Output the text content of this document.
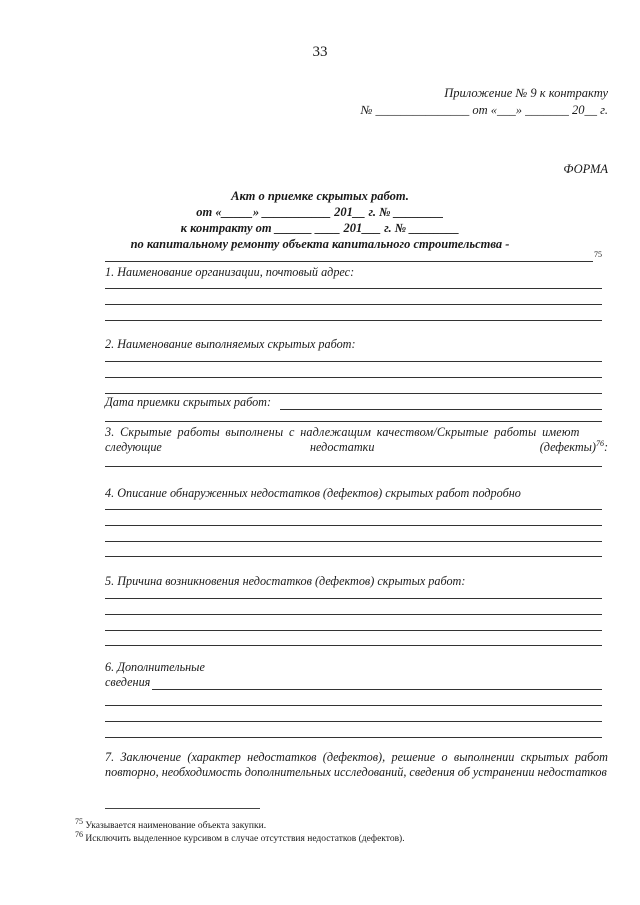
33
Приложение № 9 к контракту
№ _______________ от «___» _______ 20__ г.
ФОРМА
Акт о приемке скрытых работ.
от «_____» ___________ 201__ г. № ________
к контракту от ______ ____ 201___ г. № ________
по капитальному ремонту объекта капитального строительства -
75
1. Наименование организации, почтовый адрес:
2. Наименование выполняемых скрытых работ:
Дата приемки скрытых работ:
3. Скрытые работы выполнены с надлежащим качеством/Скрытые работы имеют
следующие	недостатки	(дефекты)$^{76}$:
4. Описание обнаруженных недостатков (дефектов) скрытых работ подробно
5. Причина возникновения недостатков (дефектов) скрытых работ:
6. Дополнительные
сведения
7. Заключение (характер недостатков (дефектов), решение о выполнении скрытых работ повторно, необходимость дополнительных исследований, сведения об устранении недостатков
$^{75}$ Указывается наименование объекта закупки.
$^{76}$ Исключить выделенное курсивом в случае отсутствия недостатков (дефектов).
